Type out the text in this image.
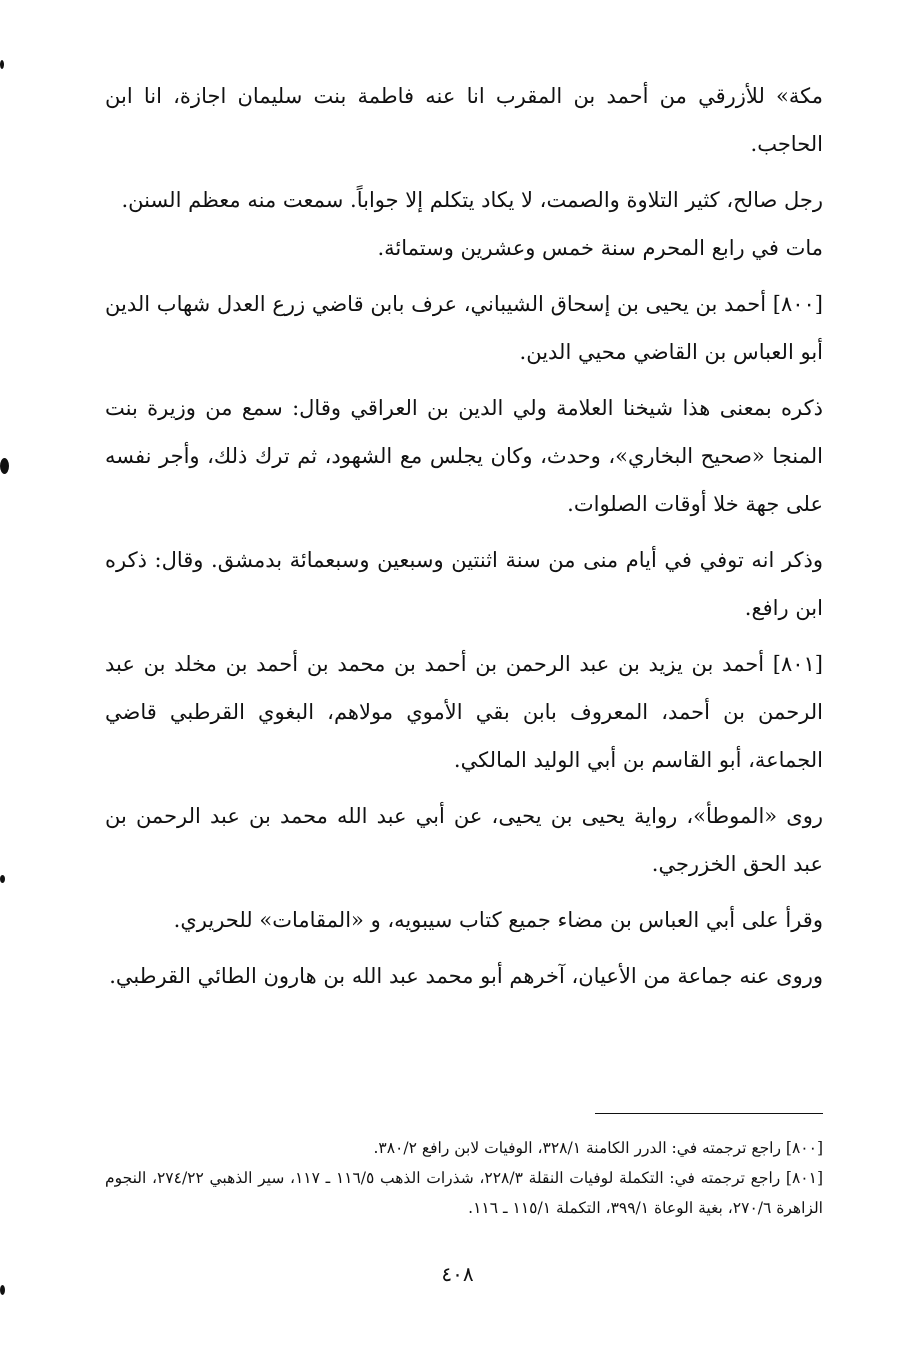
مكة» للأزرقي من أحمد بن المقرب انا عنه فاطمة بنت سليمان اجازة، انا ابن الحاجب.

رجل صالح، كثير التلاوة والصمت، لا يكاد يتكلم إلا جواباً. سمعت منه معظم السنن.

مات في رابع المحرم سنة خمس وعشرين وستمائة.

[٨٠٠] أحمد بن يحيى بن إسحاق الشيباني، عرف بابن قاضي زرع العدل شهاب الدين أبو العباس بن القاضي محيي الدين.

ذكره بمعنى هذا شيخنا العلامة ولي الدين بن العراقي وقال: سمع من وزيرة بنت المنجا «صحيح البخاري»، وحدث، وكان يجلس مع الشهود، ثم ترك ذلك، وأجر نفسه على جهة خلا أوقات الصلوات.

وذكر انه توفي في أيام منى من سنة اثنتين وسبعين وسبعمائة بدمشق. وقال: ذكره ابن رافع.

[٨٠١] أحمد بن يزيد بن عبد الرحمن بن أحمد بن محمد بن أحمد بن مخلد بن عبد الرحمن بن أحمد، المعروف بابن بقي الأموي مولاهم، البغوي القرطبي قاضي الجماعة، أبو القاسم بن أبي الوليد المالكي.

روى «الموطأ»، رواية يحيى بن يحيى، عن أبي عبد الله محمد بن عبد الرحمن بن عبد الحق الخزرجي.

وقرأ على أبي العباس بن مضاء جميع كتاب سيبويه، و «المقامات» للحريري.

وروى عنه جماعة من الأعيان، آخرهم أبو محمد عبد الله بن هارون الطائي القرطبي.

[٨٠٠] راجع ترجمته في: الدرر الكامنة ٣٢٨/١، الوفيات لابن رافع ٣٨٠/٢.

[٨٠١] راجع ترجمته في: التكملة لوفيات النقلة ٢٢٨/٣، شذرات الذهب ١١٦/٥ ـ ١١٧، سير الذهبي ٢٧٤/٢٢، النجوم الزاهرة ٢٧٠/٦، بغية الوعاة ٣٩٩/١، التكملة ١١٥/١ ـ ١١٦.

٤٠٨
